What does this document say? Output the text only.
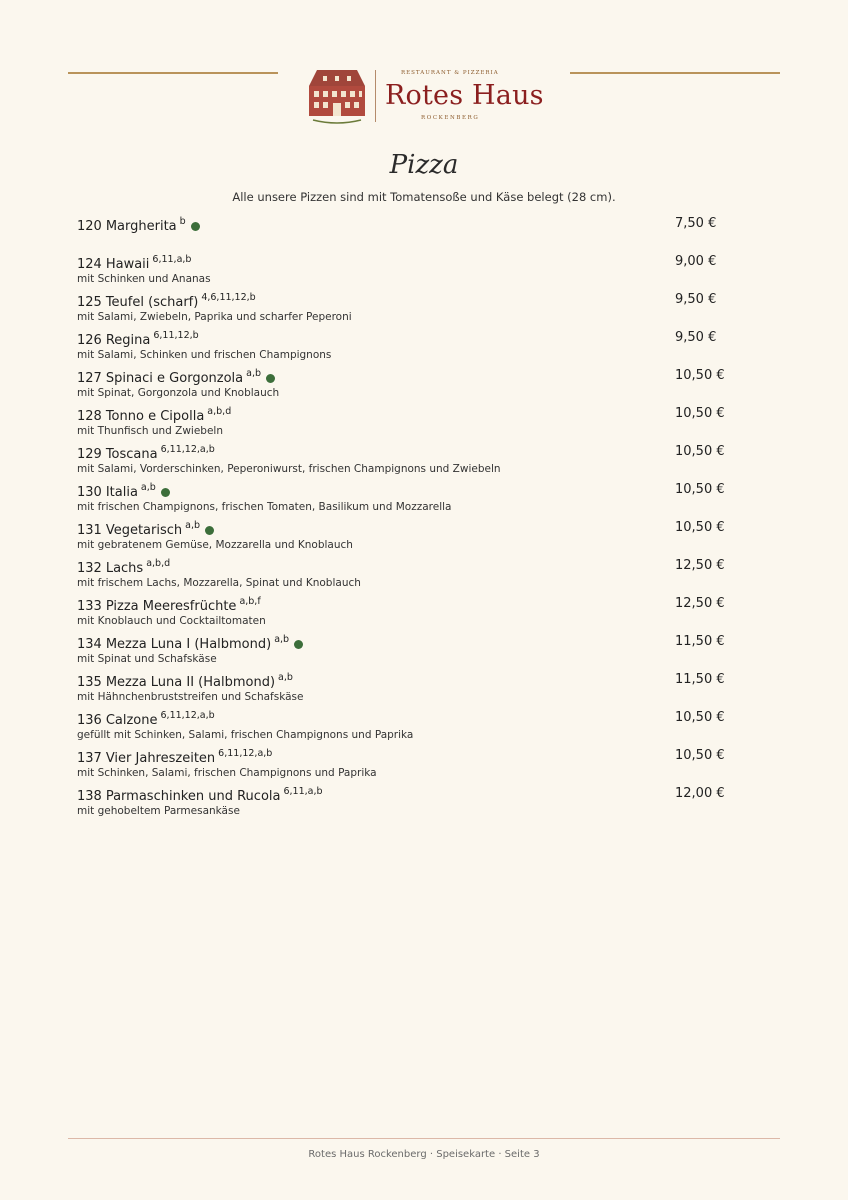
RESTAURANT & PIZZERIA
Rotes Haus
ROCKENBERG
Pizza
Alle unsere Pizzen sind mit Tomatensoße und Käse belegt (28 cm).
120 Margherita $^b$	7,50 €
124 Hawaii $^{6,11,a,b}$
mit Schinken und Ananas
9,00 €
125 Teufel (scharf) $^{4,6,11,12,b}$
mit Salami, Zwiebeln, Paprika und scharfer Peperoni
9,50 €
126 Regina $^{6,11,12,b}$
mit Salami, Schinken und frischen Champignons
9,50 €
127 Spinaci e Gorgonzola $^{a,b}$
mit Spinat, Gorgonzola und Knoblauch
10,50 €
128 Tonno e Cipolla $^{a,b,d}$
mit Thunfisch und Zwiebeln
10,50 €
129 Toscana $^{6,11,12,a,b}$
mit Salami, Vorderschinken, Peperoniwurst, frischen Champignons und Zwiebeln
10,50 €
130 Italia $^{a,b}$
mit frischen Champignons, frischen Tomaten, Basilikum und Mozzarella
10,50 €
131 Vegetarisch $^{a,b}$
mit gebratenem Gemüse, Mozzarella und Knoblauch
10,50 €
132 Lachs $^{a,b,d}$
mit frischem Lachs, Mozzarella, Spinat und Knoblauch
12,50 €
133 Pizza Meeresfrüchte $^{a,b,f}$
mit Knoblauch und Cocktailtomaten
12,50 €
134 Mezza Luna I (Halbmond) $^{a,b}$
mit Spinat und Schafskäse
11,50 €
135 Mezza Luna II (Halbmond) $^{a,b}$
mit Hähnchenbruststreifen und Schafskäse
11,50 €
136 Calzone $^{6,11,12,a,b}$
gefüllt mit Schinken, Salami, frischen Champignons und Paprika
10,50 €
137 Vier Jahreszeiten $^{6,11,12,a,b}$
mit Schinken, Salami, frischen Champignons und Paprika
10,50 €
138 Parmaschinken und Rucola $^{6,11,a,b}$
mit gehobeltem Parmesankäse
12,00 €
Rotes Haus Rockenberg · Speisekarte · Seite 3
